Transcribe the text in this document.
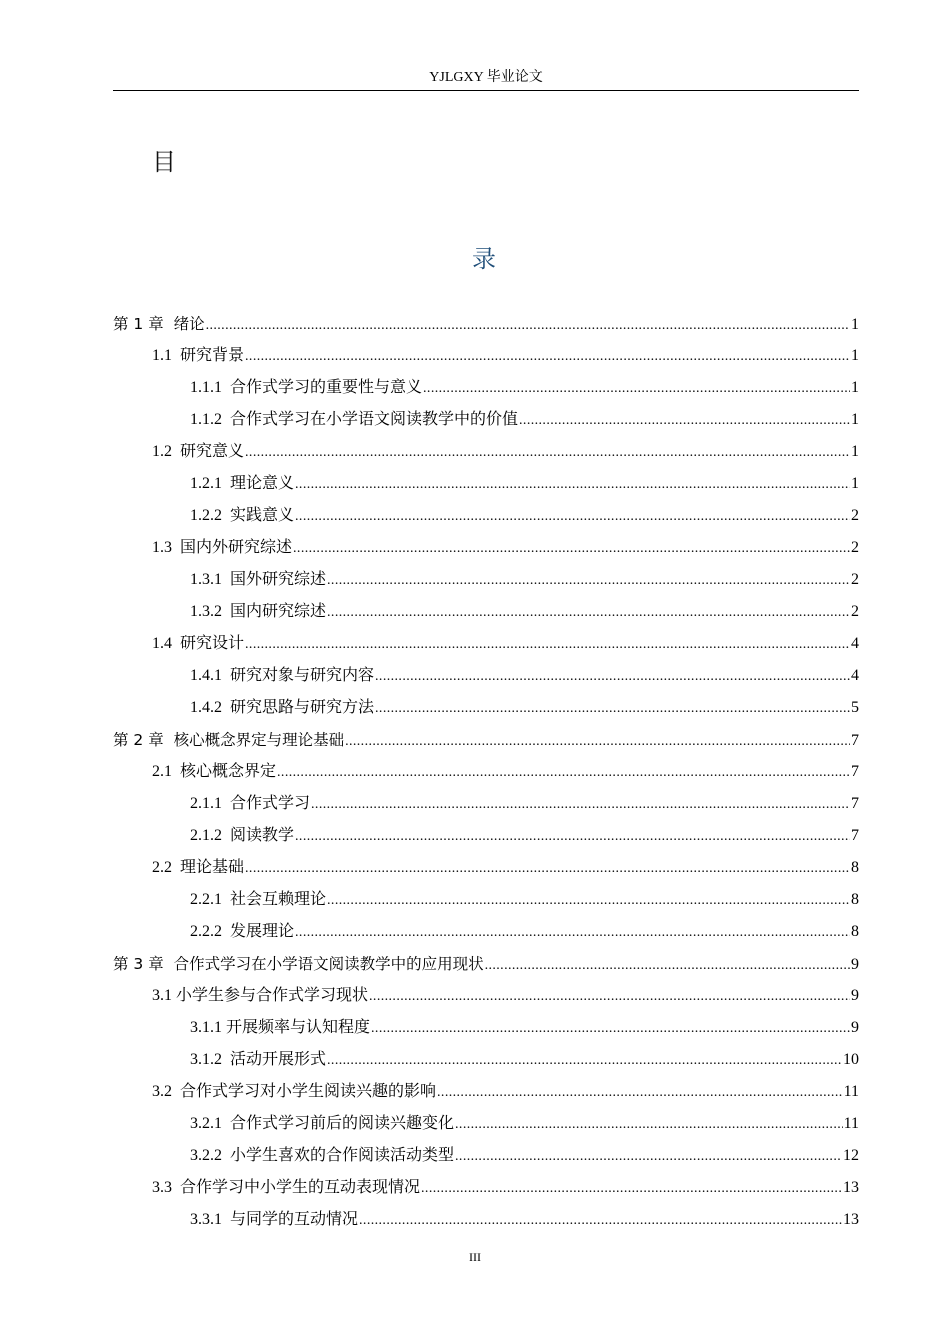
YJLGXY 毕业论文
目
录
第 1 章  绪论 .....	1
1.1  研究背景 .....	1
1.1.1  合作式学习的重要性与意义 .....	1
1.1.2  合作式学习在小学语文阅读教学中的价值 .....	1
1.2  研究意义 .....	1
1.2.1  理论意义 .....	1
1.2.2  实践意义 .....	2
1.3  国内外研究综述 .....	2
1.3.1  国外研究综述 .....	2
1.3.2  国内研究综述 .....	2
1.4  研究设计 .....	4
1.4.1  研究对象与研究内容 .....	4
1.4.2  研究思路与研究方法 .....	5
第 2 章  核心概念界定与理论基础 .....	7
2.1  核心概念界定 .....	7
2.1.1  合作式学习 .....	7
2.1.2  阅读教学 .....	7
2.2  理论基础 .....	8
2.2.1  社会互赖理论 .....	8
2.2.2  发展理论 .....	8
第 3 章  合作式学习在小学语文阅读教学中的应用现状 .....	9
3.1 小学生参与合作式学习现状 .....	9
3.1.1 开展频率与认知程度 .....	9
3.1.2  活动开展形式 .....	10
3.2  合作式学习对小学生阅读兴趣的影响 .....	11
3.2.1  合作式学习前后的阅读兴趣变化 .....	11
3.2.2  小学生喜欢的合作阅读活动类型 .....	12
3.3  合作学习中小学生的互动表现情况 .....	13
3.3.1  与同学的互动情况 .....	13
III
